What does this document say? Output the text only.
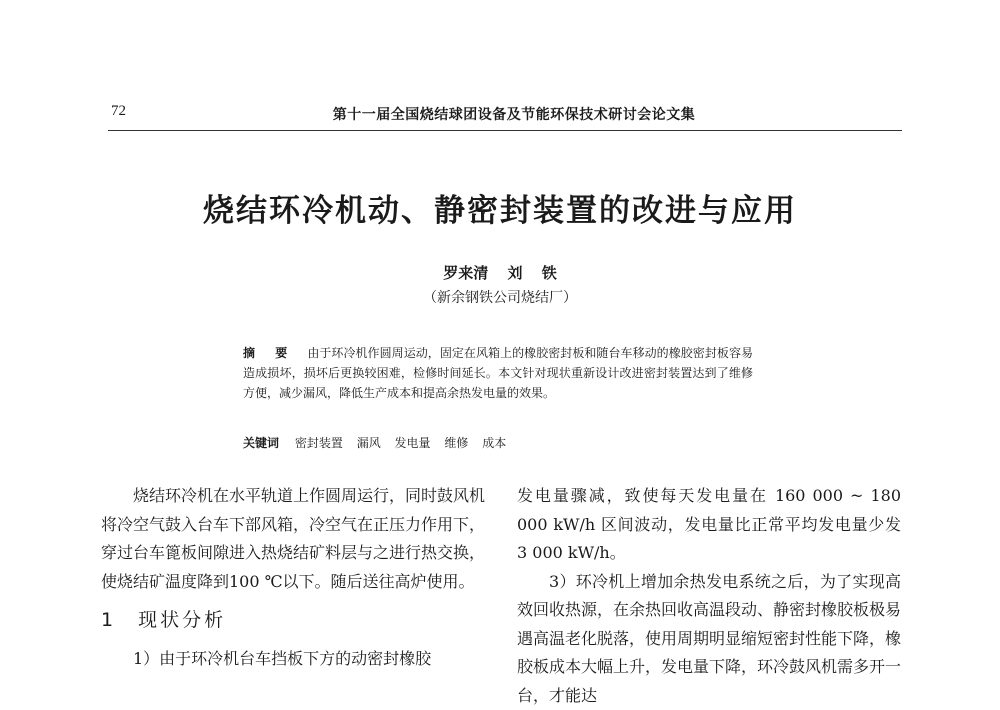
72	第十一届全国烧结球团设备及节能环保技术研讨会论文集
烧结环冷机动、静密封装置的改进与应用
罗来清 刘 铁
（新余钢铁公司烧结厂）
摘 要 由于环冷机作圆周运动，固定在风箱上的橡胶密封板和随台车移动的橡胶密封板容易造成损坏，损坏后更换较困难，检修时间延长。本文针对现状重新设计改进密封装置达到了维修方便，减少漏风，降低生产成本和提高余热发电量的效果。
关键词 密封装置 漏风 发电量 维修 成本

烧结环冷机在水平轨道上作圆周运行，同时鼓风机将冷空气鼓入台车下部风箱，冷空气在正压力作用下，穿过台车篦板间隙进入热烧结矿料层与之进行热交换，使烧结矿温度降到100 ℃以下。随后送往高炉使用。

1 现状分析

1）由于环冷机台车挡板下方的动密封橡胶

发电量骤减，致使每天发电量在 160 000 ~ 180 000 kW/h 区间波动，发电量比正常平均发电量少发 3 000 kW/h。

3）环冷机上增加余热发电系统之后，为了实现高效回收热源，在余热回收高温段动、静密封橡胶板极易遇高温老化脱落，使用周期明显缩短密封性能下降，橡胶板成本大幅上升，发电量下降，环冷鼓风机需多开一台，才能达
